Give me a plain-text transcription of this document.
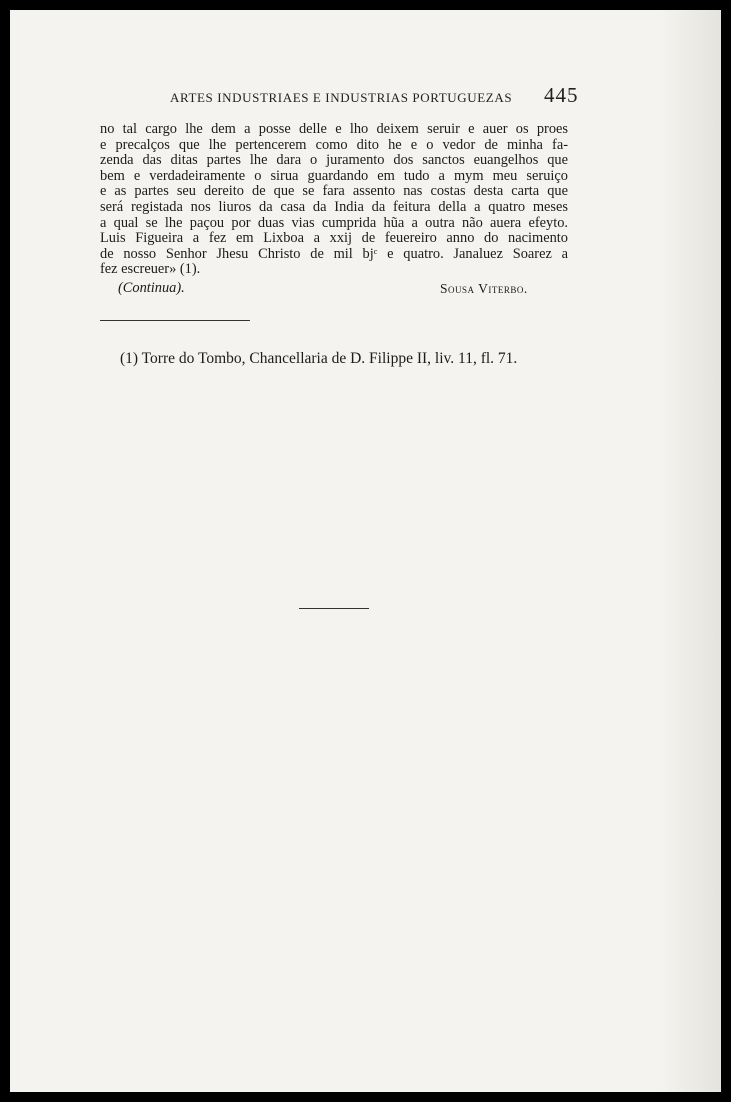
ARTES INDUSTRIAES E INDUSTRIAS PORTUGUEZAS 445
no tal cargo lhe dem a posse delle e lho deixem seruir e auer os proes
e precalços que lhe pertencerem como dito he e o vedor de minha fa-
zenda das ditas partes lhe dara o juramento dos sanctos euangelhos que
bem e verdadeiramente o sirua guardando em tudo a mym meu seruiço
e as partes seu dereito de que se fara assento nas costas desta carta que
será registada nos liuros da casa da India da feitura della a quatro meses
a qual se lhe paçou por duas vias cumprida hũa a outra não auera efeyto.
Luis Figueira a fez em Lixboa a xxij de feuereiro anno do nacimento
de nosso Senhor Jhesu Christo de mil bjᶜ e quatro. Janaluez Soarez a
fez escreuer» (1).
(Continua).	Sousa Viterbo.
(1) Torre do Tombo, Chancellaria de D. Filippe II, liv. 11, fl. 71.
